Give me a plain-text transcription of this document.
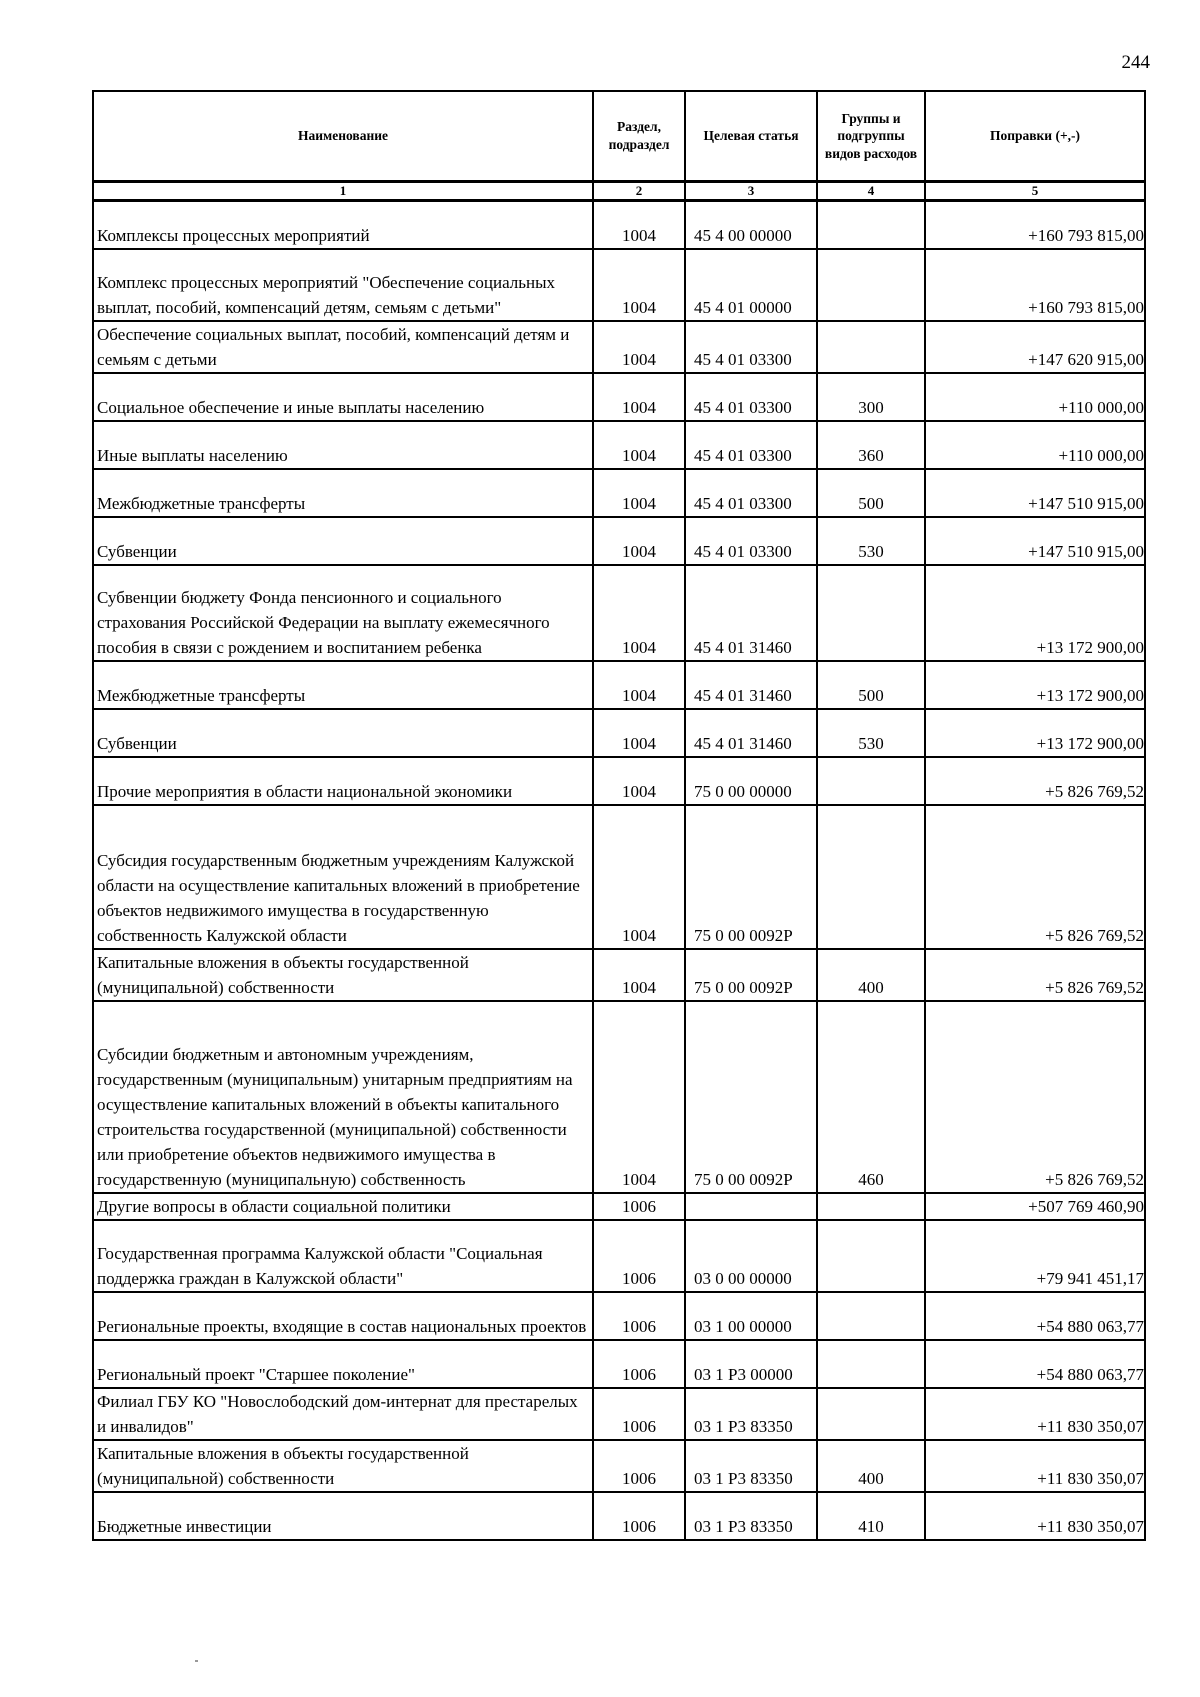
244
Наименование	Раздел, подраздел	Целевая статья	Группы и подгруппы видов расходов	Поправки (+,-)
1	2	3	4	5
Комплексы процессных мероприятий	1004	45 4 00 00000		+160 793 815,00
Комплекс процессных мероприятий "Обеспечение социальных выплат, пособий, компенсаций детям, семьям с детьми"	1004	45 4 01 00000		+160 793 815,00
Обеспечение социальных выплат, пособий, компенсаций детям и семьям с детьми	1004	45 4 01 03300		+147 620 915,00
Социальное обеспечение и иные выплаты населению	1004	45 4 01 03300	300	+110 000,00
Иные выплаты населению	1004	45 4 01 03300	360	+110 000,00
Межбюджетные трансферты	1004	45 4 01 03300	500	+147 510 915,00
Субвенции	1004	45 4 01 03300	530	+147 510 915,00
Субвенции бюджету Фонда пенсионного и социального страхования Российской Федерации на выплату ежемесячного пособия в связи с рождением и воспитанием ребенка	1004	45 4 01 31460		+13 172 900,00
Межбюджетные трансферты	1004	45 4 01 31460	500	+13 172 900,00
Субвенции	1004	45 4 01 31460	530	+13 172 900,00
Прочие мероприятия в области национальной экономики	1004	75 0 00 00000		+5 826 769,52
Субсидия государственным бюджетным учреждениям Калужской области на осуществление капитальных вложений в приобретение объектов недвижимого имущества в государственную собственность Калужской области	1004	75 0 00 0092Р		+5 826 769,52
Капитальные вложения в объекты государственной (муниципальной) собственности	1004	75 0 00 0092Р	400	+5 826 769,52
Субсидии бюджетным и автономным учреждениям, государственным (муниципальным) унитарным предприятиям на осуществление капитальных вложений в объекты капитального строительства государственной (муниципальной) собственности или приобретение объектов недвижимого имущества в государственную (муниципальную) собственность	1004	75 0 00 0092Р	460	+5 826 769,52
Другие вопросы в области социальной политики	1006			+507 769 460,90
Государственная программа Калужской области "Социальная поддержка граждан в Калужской области"	1006	03 0 00 00000		+79 941 451,17
Региональные проекты, входящие в состав национальных проектов	1006	03 1 00 00000		+54 880 063,77
Региональный проект "Старшее поколение"	1006	03 1 Р3 00000		+54 880 063,77
Филиал ГБУ КО "Новослободский дом-интернат для престарелых и инвалидов"	1006	03 1 Р3 83350		+11 830 350,07
Капитальные вложения в объекты государственной (муниципальной) собственности	1006	03 1 Р3 83350	400	+11 830 350,07
Бюджетные инвестиции	1006	03 1 Р3 83350	410	+11 830 350,07
